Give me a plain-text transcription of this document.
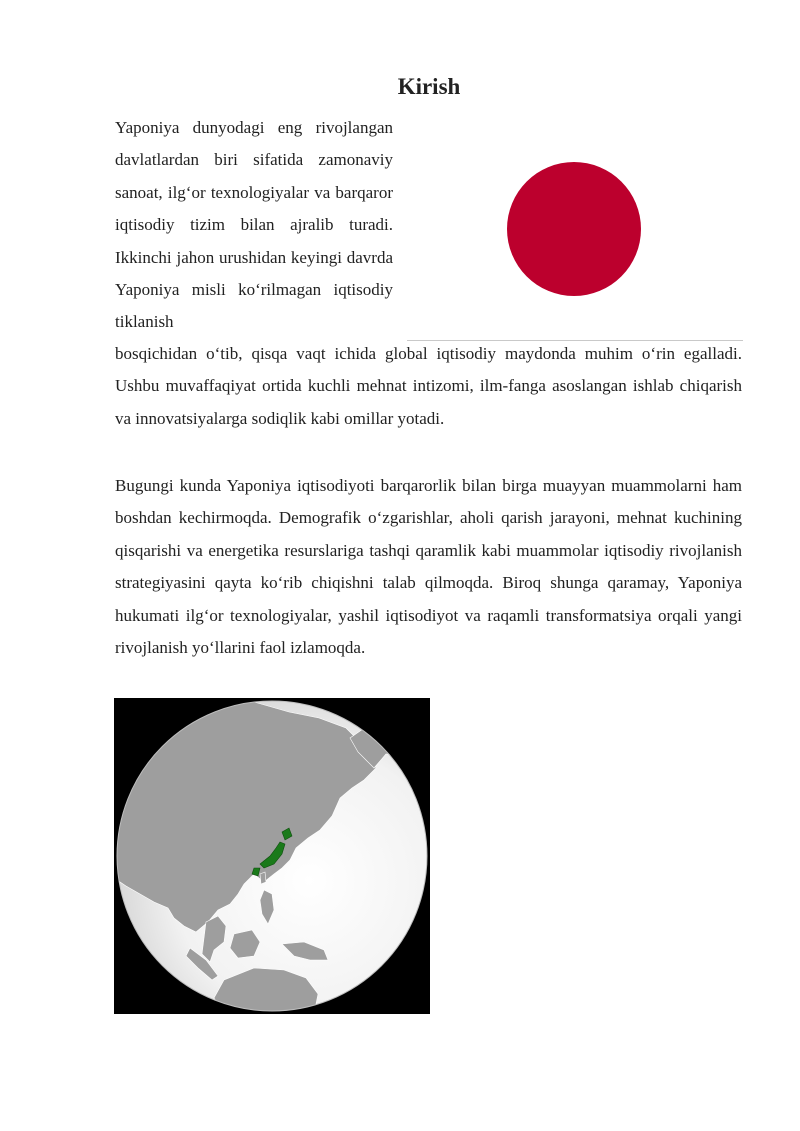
Kirish

Yaponiya dunyodagi eng rivojlangan davlatlardan biri sifatida zamonaviy sanoat, ilg‘or texnologiyalar va barqaror iqtisodiy tizim bilan ajralib turadi. Ikkinchi jahon urushidan keyingi davrda Yaponiya misli ko‘rilmagan iqtisodiy tiklanish

bosqichidan o‘tib, qisqa vaqt ichida global iqtisodiy maydonda muhim o‘rin egalladi. Ushbu muvaffaqiyat ortida kuchli mehnat intizomi, ilm-fanga asoslangan ishlab chiqarish va innovatsiyalarga sodiqlik kabi omillar yotadi.

Bugungi kunda Yaponiya iqtisodiyoti barqarorlik bilan birga muayyan muammolarni ham boshdan kechirmoqda. Demografik o‘zgarishlar, aholi qarish jarayoni, mehnat kuchining qisqarishi va energetika resurslariga tashqi qaramlik kabi muammolar iqtisodiy rivojlanish strategiyasini qayta ko‘rib chiqishni talab qilmoqda. Biroq shunga qaramay, Yaponiya hukumati ilg‘or texnologiyalar, yashil iqtisodiyot va raqamli transformatsiya orqali yangi rivojlanish yo‘llarini faol izlamoqda.
